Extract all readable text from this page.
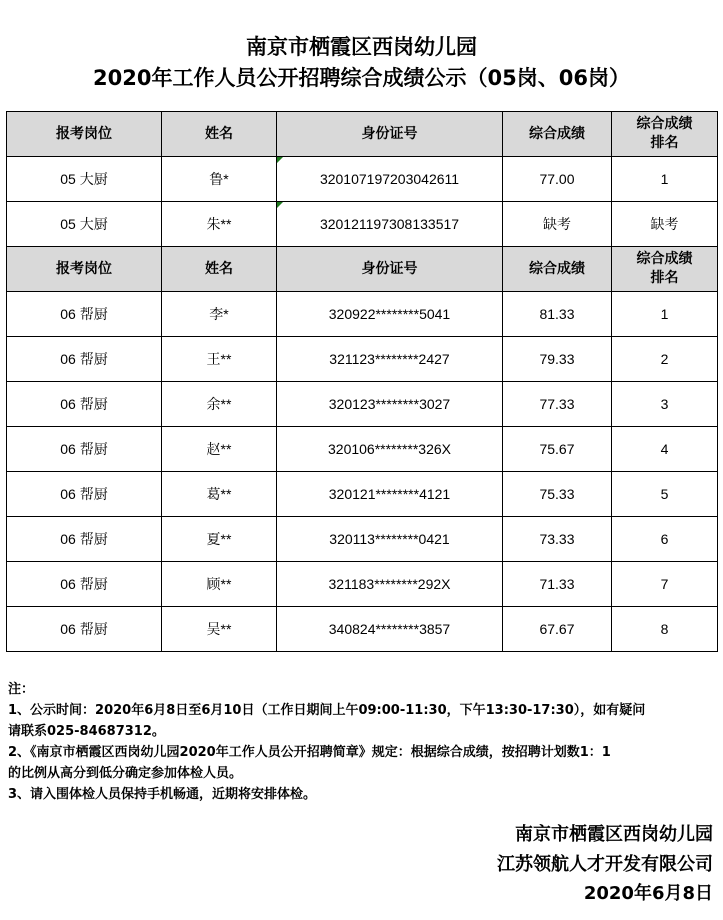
南京市栖霞区西岗幼儿园
2020年工作人员公开招聘综合成绩公示（05岗、06岗）
报考岗位	姓名	身份证号	综合成绩	综合成绩
排名
05 大厨	鲁*	320107197203042611	77.00	1
05 大厨	朱**	320121197308133517	缺考	缺考
报考岗位	姓名	身份证号	综合成绩	综合成绩
排名
06 帮厨	李*	320922********5041	81.33	1
06 帮厨	王**	321123********2427	79.33	2
06 帮厨	余**	320123********3027	77.33	3
06 帮厨	赵**	320106********326X	75.67	4
06 帮厨	葛**	320121********4121	75.33	5
06 帮厨	夏**	320113********0421	73.33	6
06 帮厨	顾**	321183********292X	71.33	7
06 帮厨	吴**	340824********3857	67.67	8
注：
1、公示时间：2020年6月8日至6月10日（工作日期间上午09:00-11:30，下午13:30-17:30），如有疑问
请联系025-84687312。
2、《南京市栖霞区西岗幼儿园2020年工作人员公开招聘简章》规定：根据综合成绩，按招聘计划数1：1
的比例从高分到低分确定参加体检人员。
3、请入围体检人员保持手机畅通，近期将安排体检。
南京市栖霞区西岗幼儿园
江苏领航人才开发有限公司
2020年6月8日
